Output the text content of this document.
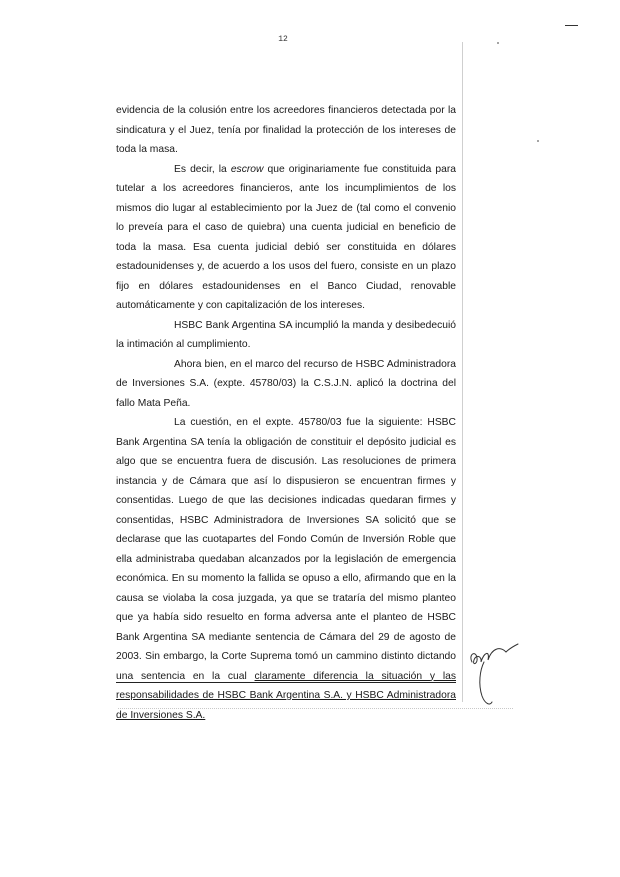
12

evidencia de la colusión entre los acreedores financieros detectada por la sindicatura y el Juez, tenía por finalidad la protección de los intereses de toda la masa.

Es decir, la escrow que originariamente fue constituida para tutelar a los acreedores financieros, ante los incumplimientos de los mismos dio lugar al establecimiento por la Juez de (tal como el convenio lo preveía para el caso de quiebra) una cuenta judicial en beneficio de toda la masa. Esa cuenta judicial debió ser constituida en dólares estadounidenses y, de acuerdo a los usos del fuero, consiste en un plazo fijo en dólares estadounidenses en el Banco Ciudad, renovable automáticamente y con capitalización de los intereses.

HSBC Bank Argentina SA incumplió la manda y desibedecuió la intimación al cumplimiento.

Ahora bien, en el marco del recurso de HSBC Administradora de Inversiones S.A. (expte. 45780/03) la C.S.J.N. aplicó la doctrina del fallo Mata Peña.

La cuestión, en el expte. 45780/03 fue la siguiente: HSBC Bank Argentina SA tenía la obligación de constituir el depósito judicial es algo que se encuentra fuera de discusión. Las resoluciones de primera instancia y de Cámara que así lo dispusieron se encuentran firmes y consentidas. Luego de que las decisiones indicadas quedaran firmes y consentidas, HSBC Administradora de Inversiones SA solicitó que se declarase que las cuotapartes del Fondo Común de Inversión Roble que ella administraba quedaban alcanzados por la legislación de emergencia económica. En su momento la fallida se opuso a ello, afirmando que en la causa se violaba la cosa juzgada, ya que se trataría del mismo planteo que ya había sido resuelto en forma adversa ante el planteo de HSBC Bank Argentina SA mediante sentencia de Cámara del 29 de agosto de 2003. Sin embargo, la Corte Suprema tomó un cammino distinto dictando una sentencia en la cual claramente diferencia la situación y las responsabilidades de HSBC Bank Argentina S.A. y HSBC Administradora de Inversiones S.A.
